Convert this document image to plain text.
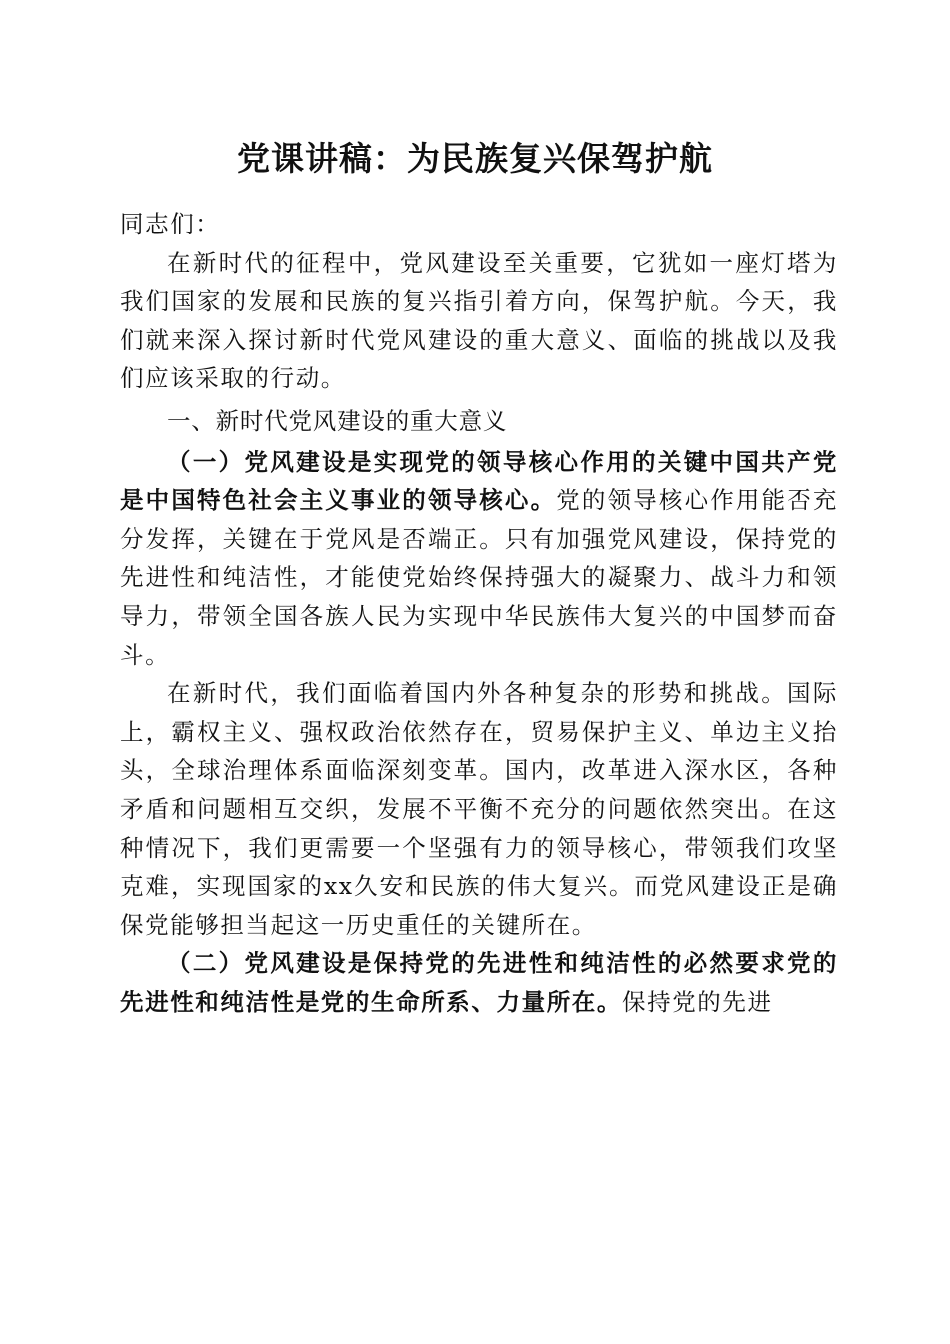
党课讲稿：为民族复兴保驾护航

同志们：

在新时代的征程中，党风建设至关重要，它犹如一座灯塔为我们国家的发展和民族的复兴指引着方向，保驾护航。今天，我们就来深入探讨新时代党风建设的重大意义、面临的挑战以及我们应该采取的行动。

一、新时代党风建设的重大意义

（一）党风建设是实现党的领导核心作用的关键中国共产党是中国特色社会主义事业的领导核心。党的领导核心作用能否充分发挥，关键在于党风是否端正。只有加强党风建设，保持党的先进性和纯洁性，才能使党始终保持强大的凝聚力、战斗力和领导力，带领全国各族人民为实现中华民族伟大复兴的中国梦而奋斗。

在新时代，我们面临着国内外各种复杂的形势和挑战。国际上，霸权主义、强权政治依然存在，贸易保护主义、单边主义抬头，全球治理体系面临深刻变革。国内，改革进入深水区，各种矛盾和问题相互交织，发展不平衡不充分的问题依然突出。在这种情况下，我们更需要一个坚强有力的领导核心，带领我们攻坚克难，实现国家的xx久安和民族的伟大复兴。而党风建设正是确保党能够担当起这一历史重任的关键所在。

（二）党风建设是保持党的先进性和纯洁性的必然要求党的先进性和纯洁性是党的生命所系、力量所在。保持党的先进
